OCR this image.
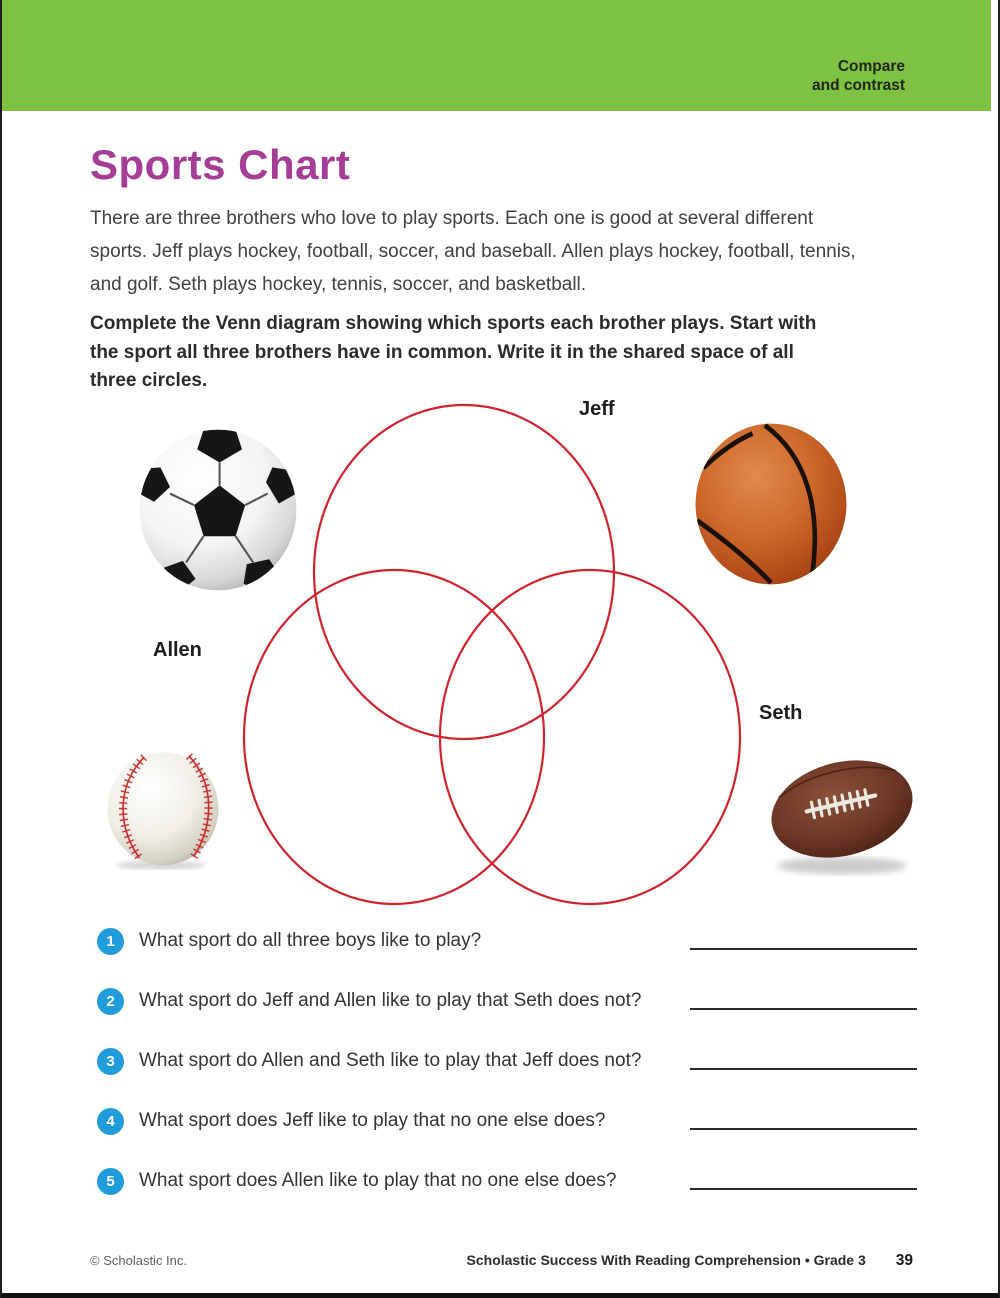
Compare
and contrast
Sports Chart
There are three brothers who love to play sports. Each one is good at several different
sports. Jeff plays hockey, football, soccer, and baseball. Allen plays hockey, football, tennis,
and golf. Seth plays hockey, tennis, soccer, and basketball.
Complete the Venn diagram showing which sports each brother plays. Start with
the sport all three brothers have in common. Write it in the shared space of all
three circles.
Jeff
Allen
Seth
1	What sport do all three boys like to play?
2	What sport do Jeff and Allen like to play that Seth does not?
3	What sport do Allen and Seth like to play that Jeff does not?
4	What sport does Jeff like to play that no one else does?
5	What sport does Allen like to play that no one else does?
© Scholastic Inc.	Scholastic Success With Reading Comprehension • Grade 3 39
